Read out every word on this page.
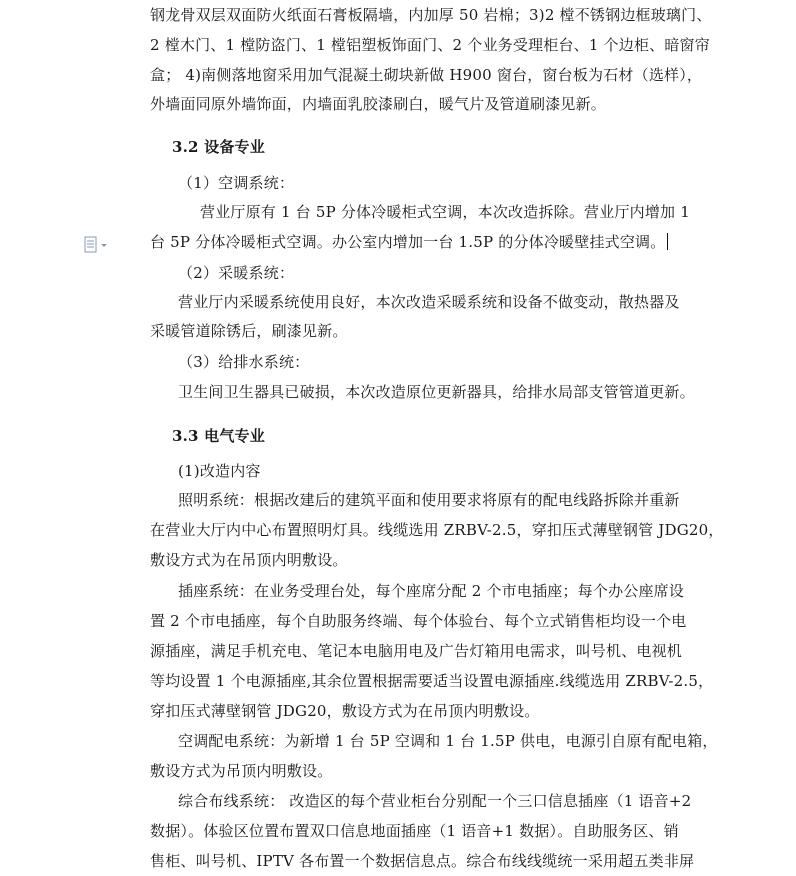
钢龙骨双层双面防火纸面石膏板隔墙，内加厚 50 岩棉；3)2 樘不锈钢边框玻璃门、
2 樘木门、1 樘防盗门、1 樘铝塑板饰面门、2 个业务受理柜台、1 个边柜、暗窗帘
盒； 4)南侧落地窗采用加气混凝土砌块新做 H900 窗台，窗台板为石材（选样），
外墙面同原外墙饰面，内墙面乳胶漆刷白，暖气片及管道刷漆见新。
3.2 设备专业
（1）空调系统：
营业厅原有 1 台 5P 分体冷暖柜式空调，本次改造拆除。营业厅内增加 1
台 5P 分体冷暖柜式空调。办公室内增加一台 1.5P 的分体冷暖壁挂式空调。
（2）采暖系统：
营业厅内采暖系统使用良好，本次改造采暖系统和设备不做变动，散热器及
采暖管道除锈后，刷漆见新。
（3）给排水系统：
卫生间卫生器具已破损，本次改造原位更新器具，给排水局部支管管道更新。
3.3 电气专业
(1)改造内容
照明系统：根据改建后的建筑平面和使用要求将原有的配电线路拆除并重新
在营业大厅内中心布置照明灯具。线缆选用 ZRBV-2.5，穿扣压式薄壁钢管 JDG20，
敷设方式为在吊顶内明敷设。
插座系统：在业务受理台处，每个座席分配 2 个市电插座；每个办公座席设
置 2 个市电插座，每个自助服务终端、每个体验台、每个立式销售柜均设一个电
源插座，满足手机充电、笔记本电脑用电及广告灯箱用电需求，叫号机、电视机
等均设置 1 个电源插座,其余位置根据需要适当设置电源插座.线缆选用 ZRBV-2.5，
穿扣压式薄壁钢管 JDG20，敷设方式为在吊顶内明敷设。
空调配电系统：为新增 1 台 5P 空调和 1 台 1.5P 供电，电源引自原有配电箱，
敷设方式为吊顶内明敷设。
综合布线系统： 改造区的每个营业柜台分别配一个三口信息插座（1 语音+2
数据）。体验区位置布置双口信息地面插座（1 语音+1 数据）。自助服务区、销
售柜、叫号机、IPTV 各布置一个数据信息点。综合布线线缆统一采用超五类非屏
